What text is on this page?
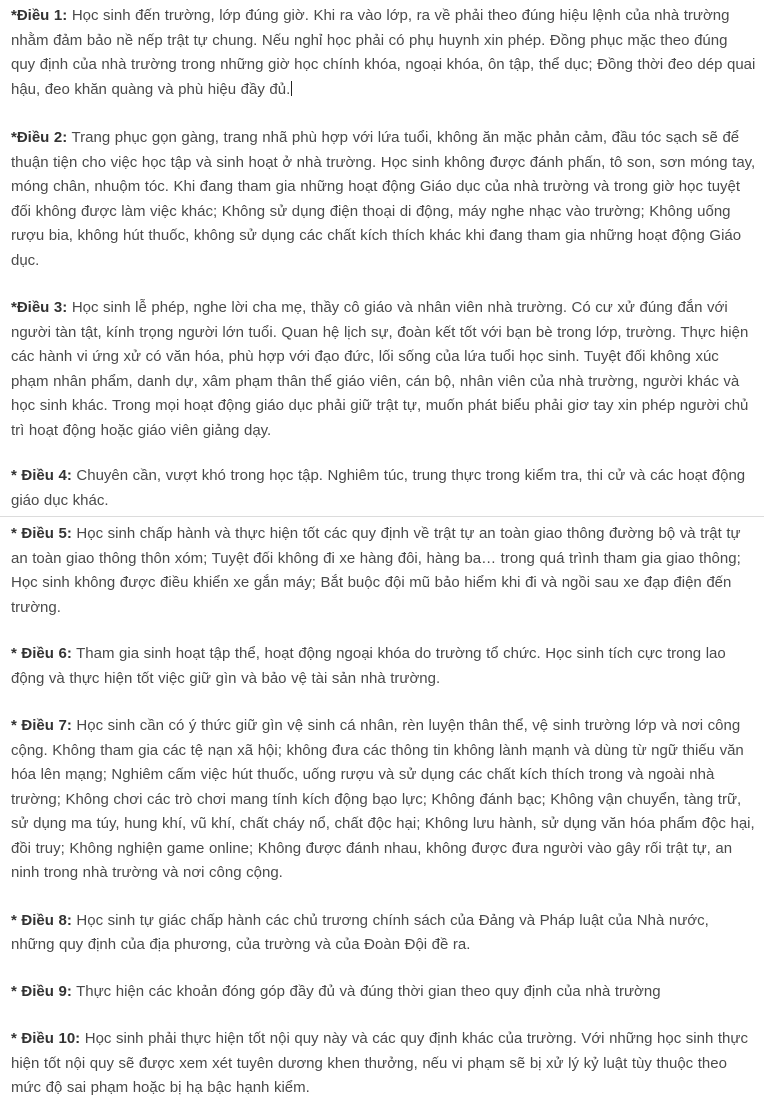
*Điều 1: Học sinh đến trường, lớp đúng giờ. Khi ra vào lớp, ra về phải theo đúng hiệu lệnh của nhà trường nhằm đảm bảo nề nếp trật tự chung. Nếu nghỉ học phải có phụ huynh xin phép. Đồng phục mặc theo đúng quy định của nhà trường trong những giờ học chính khóa, ngoại khóa, ôn tập, thể dục; Đồng thời đeo dép quai hậu, đeo khăn quàng và phù hiệu đầy đủ.

*Điều 2: Trang phục gọn gàng, trang nhã phù hợp với lứa tuổi, không ăn mặc phản cảm, đầu tóc sạch sẽ để thuận tiện cho việc học tập và sinh hoạt ở nhà trường. Học sinh không được đánh phấn, tô son, sơn móng tay, móng chân, nhuộm tóc. Khi đang tham gia những hoạt động Giáo dục của nhà trường và trong giờ học tuyệt đối không được làm việc khác; Không sử dụng điện thoại di động, máy nghe nhạc vào trường; Không uống rượu bia, không hút thuốc, không sử dụng các chất kích thích khác khi đang tham gia những hoạt động Giáo dục.

*Điều 3: Học sinh lễ phép, nghe lời cha mẹ, thầy cô giáo và nhân viên nhà trường. Có cư xử đúng đắn với người tàn tật, kính trọng người lớn tuổi. Quan hệ lịch sự, đoàn kết tốt với bạn bè trong lớp, trường. Thực hiện các hành vi ứng xử có văn hóa, phù hợp với đạo đức, lối sống của lứa tuổi học sinh. Tuyệt đối không xúc phạm nhân phẩm, danh dự, xâm phạm thân thể giáo viên, cán bộ, nhân viên của nhà trường, người khác và học sinh khác. Trong mọi hoạt động giáo dục phải giữ trật tự, muốn phát biểu phải giơ tay xin phép người chủ trì hoạt động hoặc giáo viên giảng dạy.

* Điều 4: Chuyên cần, vượt khó trong học tập. Nghiêm túc, trung thực trong kiểm tra, thi cử và các hoạt động giáo dục khác.

* Điều 5: Học sinh chấp hành và thực hiện tốt các quy định về trật tự an toàn giao thông đường bộ và trật tự an toàn giao thông thôn xóm; Tuyệt đối không đi xe hàng đôi, hàng ba… trong quá trình tham gia giao thông; Học sinh không được điều khiển xe gắn máy; Bắt buộc đội mũ bảo hiểm khi đi và ngồi sau xe đạp điện đến trường.

* Điều 6: Tham gia sinh hoạt tập thể, hoạt động ngoại khóa do trường tổ chức. Học sinh tích cực trong lao động và thực hiện tốt việc giữ gìn và bảo vệ tài sản nhà trường.

* Điều 7: Học sinh cần có ý thức giữ gìn vệ sinh cá nhân, rèn luyện thân thể, vệ sinh trường lớp và nơi công cộng. Không tham gia các tệ nạn xã hội; không đưa các thông tin không lành mạnh và dùng từ ngữ thiếu văn hóa lên mạng; Nghiêm cấm việc hút thuốc, uống rượu và sử dụng các chất kích thích trong và ngoài nhà trường; Không chơi các trò chơi mang tính kích động bạo lực; Không đánh bạc; Không vận chuyển, tàng trữ, sử dụng ma túy, hung khí, vũ khí, chất cháy nổ, chất độc hại; Không lưu hành, sử dụng văn hóa phẩm độc hại, đồi truy; Không nghiện game online; Không được đánh nhau, không được đưa người vào gây rối trật tự, an ninh trong nhà trường và nơi công cộng.

* Điều 8: Học sinh tự giác chấp hành các chủ trương chính sách của Đảng và Pháp luật của Nhà nước, những quy định của địa phương, của trường và của Đoàn Đội đề ra.

* Điều 9: Thực hiện các khoản đóng góp đầy đủ và đúng thời gian theo quy định của nhà trường

* Điều 10: Học sinh phải thực hiện tốt nội quy này và các quy định khác của trường. Với những học sinh thực hiện tốt nội quy sẽ được xem xét tuyên dương khen thưởng, nếu vi phạm sẽ bị xử lý kỷ luật tùy thuộc theo mức độ sai phạm hoặc bị hạ bậc hạnh kiểm.
